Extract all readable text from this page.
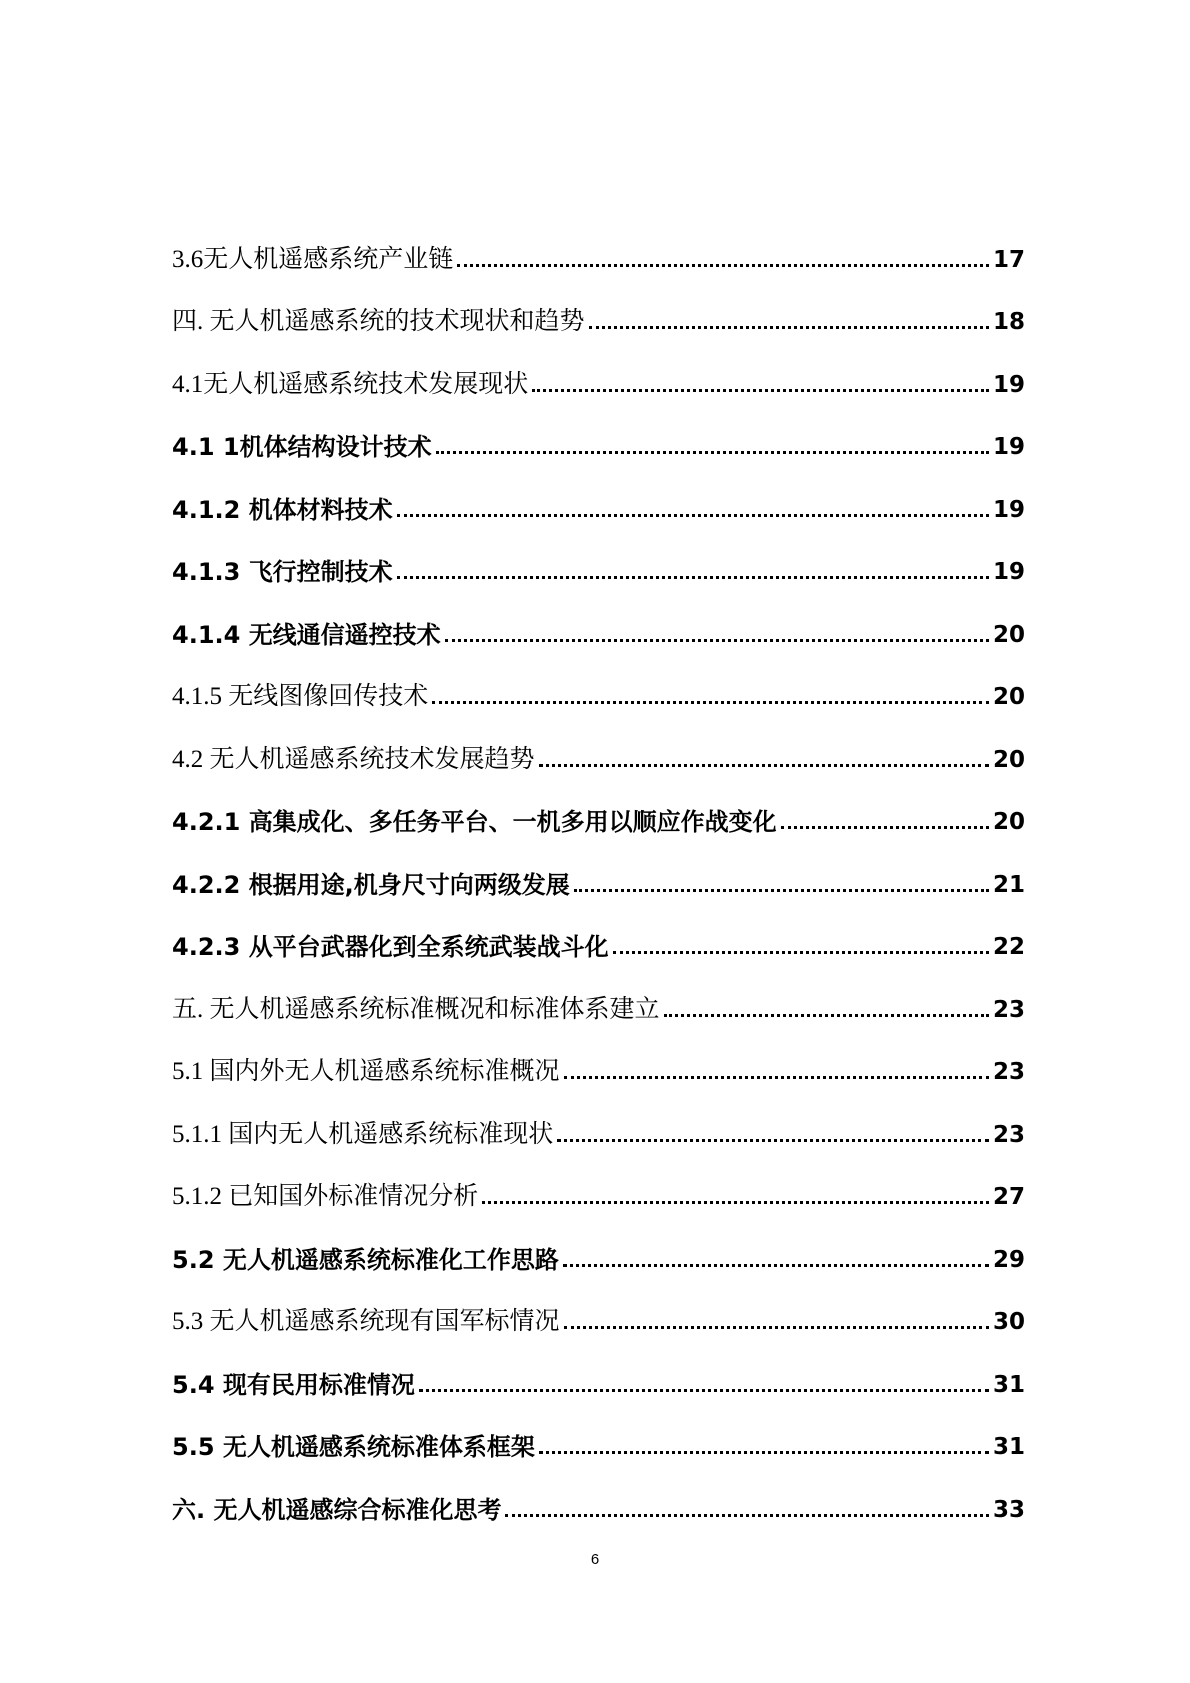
3.6无人机遥感系统产业链	17
四. 无人机遥感系统的技术现状和趋势	18
4.1无人机遥感系统技术发展现状	19
4.1 1机体结构设计技术	19
4.1.2 机体材料技术	19
4.1.3 飞行控制技术	19
4.1.4 无线通信遥控技术	20
4.1.5 无线图像回传技术	20
4.2 无人机遥感系统技术发展趋势	20
4.2.1 高集成化、多任务平台、一机多用以顺应作战变化	20
4.2.2 根据用途,机身尺寸向两级发展	21
4.2.3 从平台武器化到全系统武装战斗化	22
五. 无人机遥感系统标准概况和标准体系建立	23
5.1 国内外无人机遥感系统标准概况	23
5.1.1 国内无人机遥感系统标准现状	23
5.1.2 已知国外标准情况分析	27
5.2 无人机遥感系统标准化工作思路	29
5.3 无人机遥感系统现有国军标情况	30
5.4 现有民用标准情况	31
5.5 无人机遥感系统标准体系框架	31
六. 无人机遥感综合标准化思考	33
6
